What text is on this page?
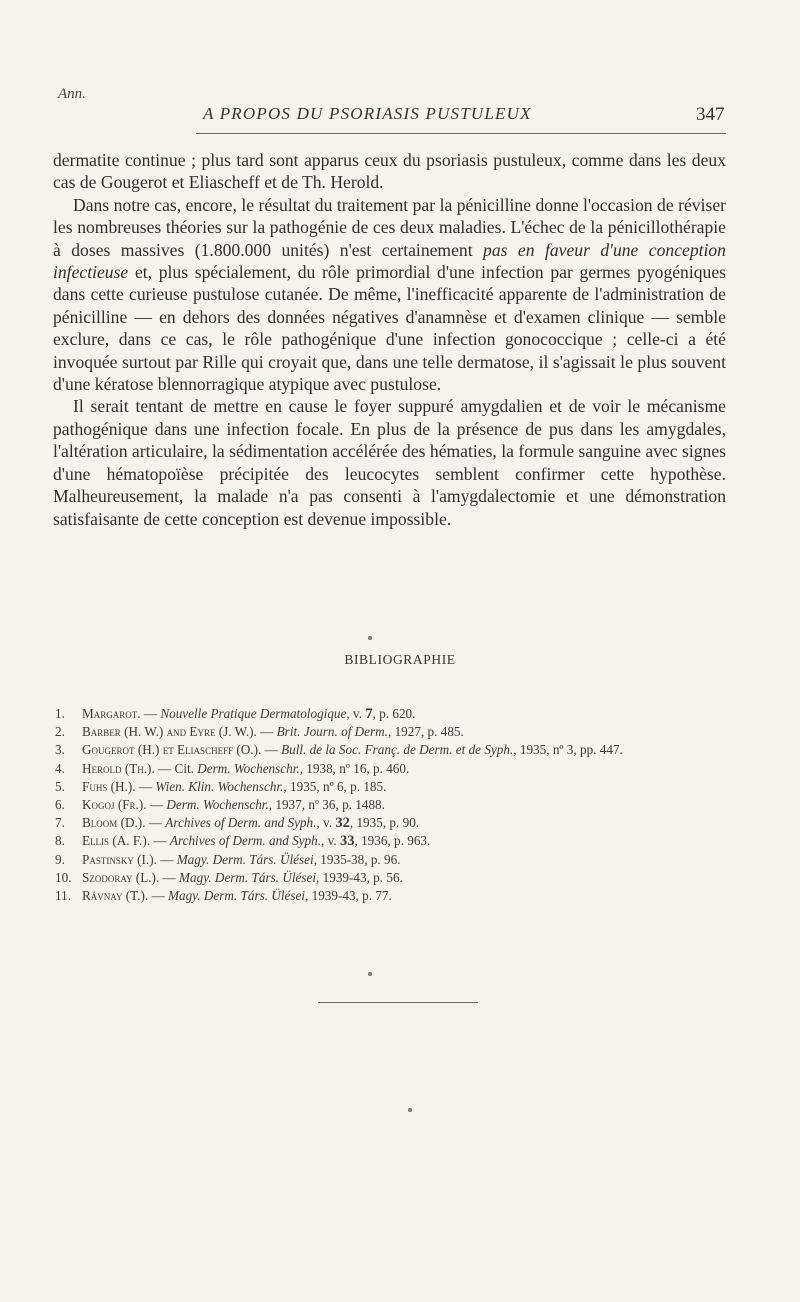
Ann.
A PROPOS DU PSORIASIS PUSTULEUX	347

dermatite continue ; plus tard sont apparus ceux du psoriasis pustuleux, comme dans les deux cas de Gougerot et Eliascheff et de Th. Herold.

Dans notre cas, encore, le résultat du traitement par la pénicilline donne l'occasion de réviser les nombreuses théories sur la pathogénie de ces deux maladies. L'échec de la pénicillothérapie à doses massives (1.800.000 unités) n'est certainement pas en faveur d'une conception infectieuse et, plus spécialement, du rôle primordial d'une infection par germes pyogéniques dans cette curieuse pustulose cutanée. De même, l'inefficacité apparente de l'administration de pénicilline — en dehors des données négatives d'anamnèse et d'examen clinique — semble exclure, dans ce cas, le rôle pathogénique d'une infection gonococcique ; celle-ci a été invoquée surtout par Rille qui croyait que, dans une telle dermatose, il s'agissait le plus souvent d'une kératose blennorragique atypique avec pustulose.

Il serait tentant de mettre en cause le foyer suppuré amygdalien et de voir le mécanisme pathogénique dans une infection focale. En plus de la présence de pus dans les amygdales, l'altération articulaire, la sédimentation accélérée des hématies, la formule sanguine avec signes d'une hématopoïèse précipitée des leucocytes semblent confirmer cette hypothèse. Malheureusement, la malade n'a pas consenti à l'amygdalectomie et une démonstration satisfaisante de cette conception est devenue impossible.

BIBLIOGRAPHIE
1. Margarot. — Nouvelle Pratique Dermatologique, v. 7, p. 620.
2. Barber (H. W.) and Eyre (J. W.). — Brit. Journ. of Derm., 1927, p. 485.
3. Gougerot (H.) et Eliascheff (O.). — Bull. de la Soc. Franç. de Derm. et de Syph., 1935, nº 3, pp. 447.
4. Herold (Th.). — Cit. Derm. Wochenschr., 1938, nº 16, p. 460.
5. Fuhs (H.). — Wien. Klin. Wochenschr., 1935, nº 6, p. 185.
6. Kogoj (Fr.). — Derm. Wochenschr., 1937, nº 36, p. 1488.
7. Bloom (D.). — Archives of Derm. and Syph., v. 32, 1935, p. 90.
8. Ellis (A. F.). — Archives of Derm. and Syph., v. 33, 1936, p. 963.
9. Pastinsky (I.). — Magy. Derm. Társ. Ülései, 1935-38, p. 96.
10. Szodoray (L.). — Magy. Derm. Társ. Ülései, 1939-43, p. 56.
11. Rávnay (T.). — Magy. Derm. Társ. Ülései, 1939-43, p. 77.
